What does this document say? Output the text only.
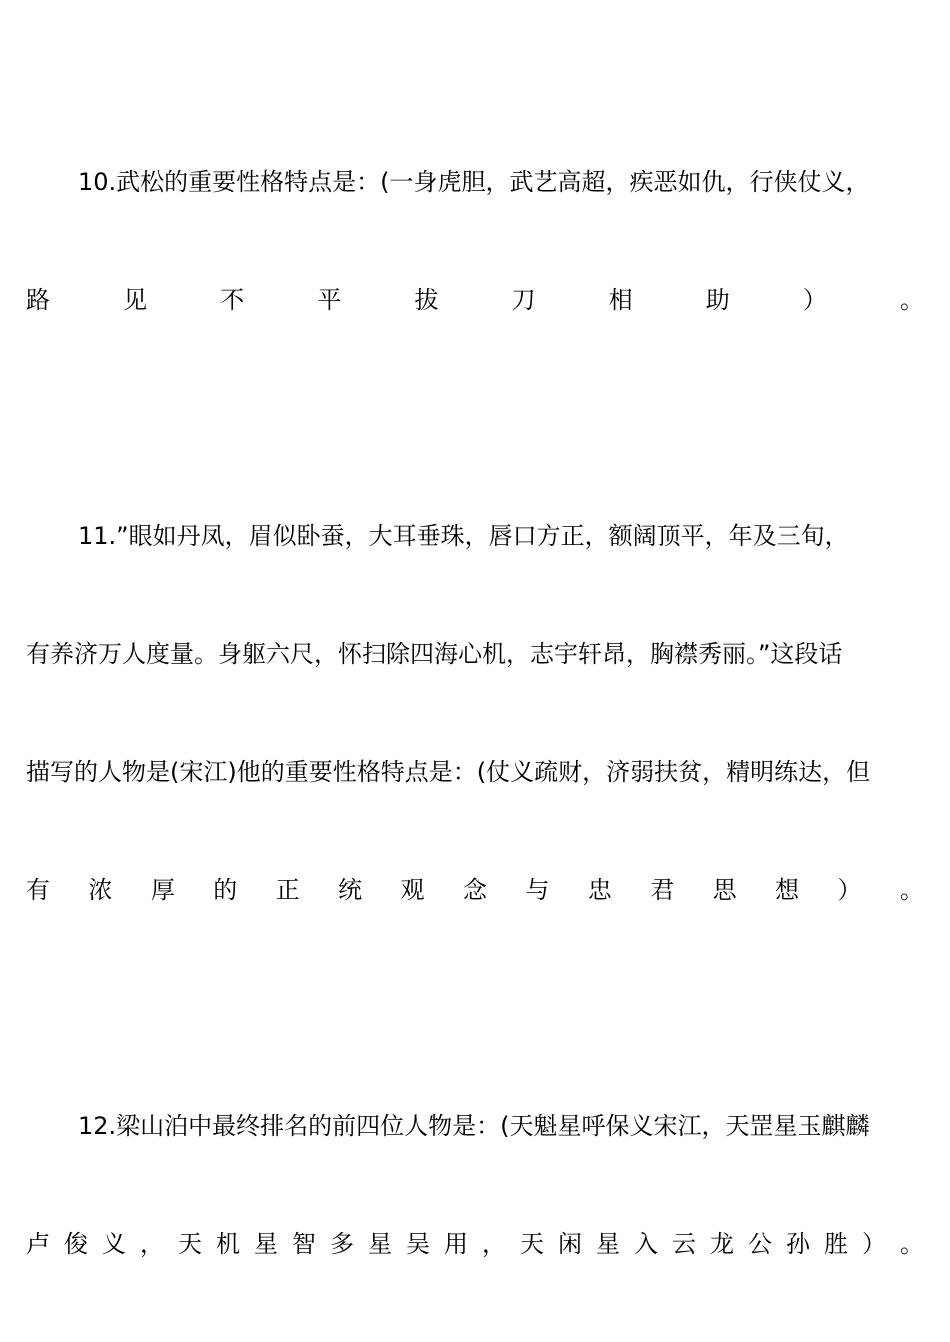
10.武松的重要性格特点是：(一身虎胆，武艺高超，疾恶如仇，行侠仗义，
路	见	不	平	拔	刀	相	助	）	。
11.”眼如丹凤，眉似卧蚕，大耳垂珠，唇口方正，额阔顶平，年及三旬，
有养济万人度量。身躯六尺，怀扫除四海心机，志宇轩昂，胸襟秀丽。”这段话
描写的人物是(宋江)他的重要性格特点是：(仗义疏财，济弱扶贫，精明练达，但
有 浓 厚 的 正 统 观 念 与 忠 君 思 想 ） 。
12.梁山泊中最终排名的前四位人物是：(天魁星呼保义宋江，天罡星玉麒麟
卢 俊 义 ， 天 机 星 智 多 星 吴 用 ， 天 闲 星 入 云 龙 公 孙 胜 ） 。
